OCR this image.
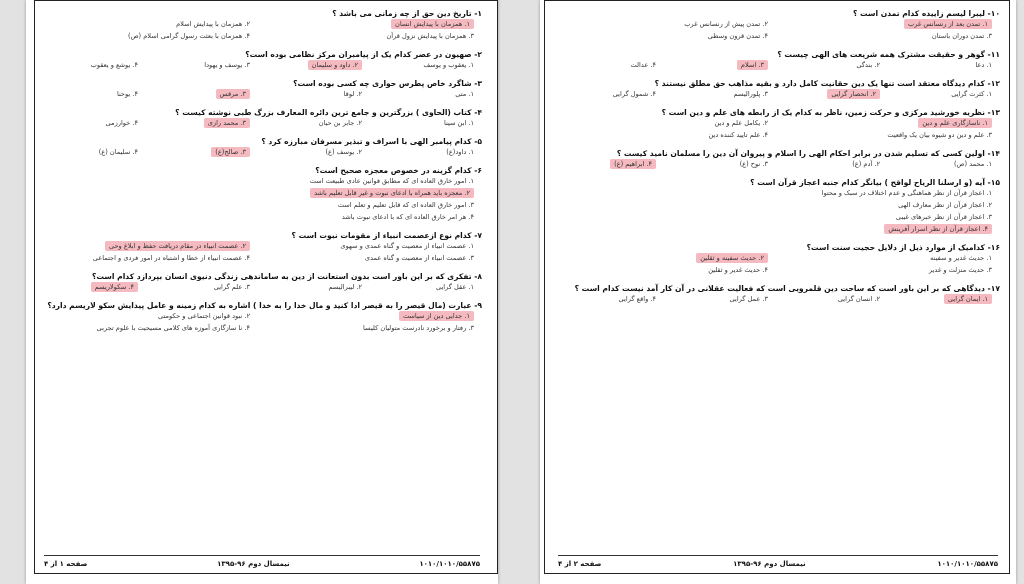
۱- تاریخ دین حق از چه زمانی می باشد ؟
۱. همزمان با پیدایش انسان
۲. همزمان با پیدایش اسلام
۳. همزمان با پیدایش نزول قرآن
۴. همزمان با بعثت رسول گرامی اسلام (ص)
۲- صهیون در عصر کدام یک از پیامبران مرکز نظامی بوده است؟
۱. یعقوب و یوسف
۲. داود و سلیمان
۳. یوسف و یهودا
۴. یوشع و یعقوب
۳- شاگرد خاص پطرس حواری چه کسی بوده است؟
۱. متی
۲. لوقا
۳. مرقس
۴. یوحنا
۴- کتاب (الحاوی ) بزرگترین و جامع ترین دائره المعارف بزرگ طبی نوشته کیست ؟
۱. ابن سینا
۲. جابر بن حیان
۳. محمد رازی
۴. خوارزمی
۵- کدام پیامبر الهی با اسراف و تبذیر مسرفان مبارزه کرد ؟
۱. داود(ع)
۲. یوسف (ع)
۳. صالح(ع)
۴. سلیمان (ع)
۶- کدام گزینه در خصوص معجزه صحیح است؟
۱. امور خارق العاده ای که مطابق قوانین عادی طبیعت است
۲. معجزه باید همراه با ادعای نبوت و غیر قابل تعلیم باشد
۳. امور خارق العاده ای که قابل تعلیم و تعلم است
۴. هر امر خارق العاده ای که با ادعای نبوت باشد
۷- کدام نوع ازعصمت انبیاء از مقومات نبوت است ؟
۱. عصمت انبیاء از معصیت و گناه عمدی و سهوی
۲. عصمت انبیاء در مقام دریافت حفظ و ابلاغ وحی
۳. عصمت انبیاء از معصیت و گناه عمدی
۴. عصمت انبیاء از خطا و اشتباه در امور فردی و اجتماعی
۸- تفکری که بر این باور است بدون استعانت از دین به ساماندهی زندگی دنیوی انسان بپردازد کدام است؟
۱. عقل گرایی
۲. لیبرالیسم
۳. علم گرایی
۴. سکولاریسم
۹- عبارت (مال قیصر را به قیصر ادا کنید و مال خدا را به خدا ) اشاره به کدام زمینه و عامل پیدایش سکو لاریسم دارد؟
۱. جدایی دین از سیاست
۲. نبود قوانین اجتماعی و حکومتی
۳. رفتار و برخورد نادرست متولیان کلیسا
۴. نا سازگاری آموزه های کلامی مسیحیت با علوم تجربی
صفحه ۱ از ۴	نیمسال دوم ۹۶-۱۳۹۵	۱۰۱۰/۱۰۱۰/۵۵۸۷۵
۱۰- لیبرا لیسم زاییده کدام تمدن است ؟
۱. تمدن بعد از رنسانس غرب
۲. تمدن پیش از رنسانس غرب
۳. تمدن دوران باستان
۴. تمدن قرون وسطی
۱۱- گوهر و حقیقت مشترک همه شریعت های الهی چیست ؟
۱. دعا
۲. بندگی
۳. اسلام
۴. عدالت
۱۲- کدام دیدگاه معتقد است تنها یک دین حقانیت کامل دارد و بقیه مذاهب حق مطلق نیستند ؟
۱. کثرت گرایی
۲. انحصار گرایی
۳. پلورالیسم
۴. شمول گرایی
۱۳- نظریه خورشید مرکزی و حرکت زمین، ناظر به کدام یک از رابطه های علم و دین است ؟
۱. ناسازگاری علم و دین
۲. یکامل علم و دین
۳. علم و دین دو شیوه بیان یک واقعیت
۴. علم تایید کننده دین
۱۴- اولین کسی که تسلیم شدن در برابر احکام الهی را اسلام و پیروان آن دین را مسلمان نامید کیست ؟
۱. محمد (ص)
۲. آدم (ع)
۳. نوح (ع)
۴. ابراهیم (ع)
۱۵- آیه (و ارسلنا الریاح لواقح ) بیانگر کدام جنبه اعجاز قرآن است ؟
۱. اعجاز قرآن از نظر هماهنگی و عدم اختلاف در سبک و محتوا
۲. اعجاز قرآن از نظر معارف الهی
۳. اعجاز قرآن از نظر خبرهای غیبی
۴. اعجاز قرآن از نظر اسرار آفرینش
۱۶- کدامیک از موارد ذیل از دلایل حجیت سنت است؟
۱. حدیث غدیر و سفینه
۲. حدیث سفینه و ثقلین
۳. حدیث منزلت و غدیر
۴. حدیث غدیر و ثقلین
۱۷- دیدگاهی که بر این باور است که ساحت دین قلمرویی است که فعالیت عقلانی در آن کار آمد نیست کدام است ؟
۱. ایمان گرایی
۲. انسان گرایی
۳. عمل گرایی
۴. واقع گرایی
صفحه ۲ از ۴	نیمسال دوم ۹۶-۱۳۹۵	۱۰۱۰/۱۰۱۰/۵۵۸۷۵
